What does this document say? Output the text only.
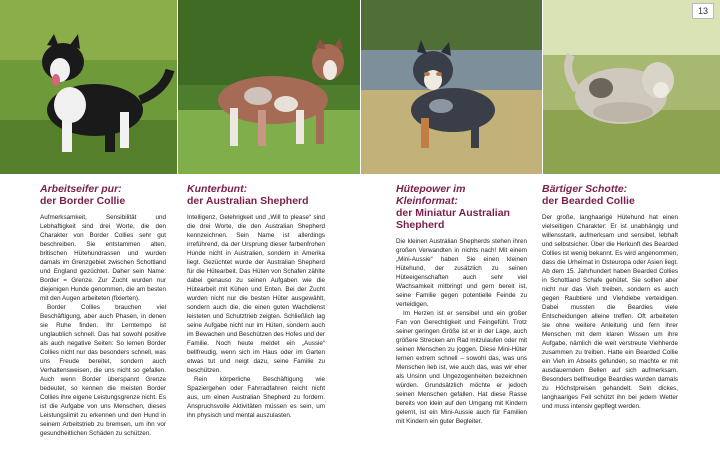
13
Arbeitseifer pur:
der Border Collie

Aufmerksamkeit, Sensibilität und Lebhaftigkeit sind drei Worte, die den Charakter von Border Collies sehr gut beschreiben. Sie entstammen alten, britischen Hütehundrassen und wurden damals im Grenzgebiet zwischen Schottland und England gezüchtet. Daher sein Name: Border = Grenze. Zur Zucht wurden nur diejenigen Hunde genommen, die am besten mit den Augen arbeiteten (fixierten).

Border Collies brauchen viel Beschäftigung, aber auch Phasen, in denen sie Ruhe finden. Ihr Lerntempo ist unglaublich schnell. Das hat sowohl positive als auch negative Seiten: So lernen Border Collies nicht nur das besonders schnell, was uns Freude bereitet, sondern auch Verhaltensweisen, die uns nicht so gefallen. Auch wenn Border überspannt Grenze bedeutet, so kennen die meisten Border Collies ihre eigene Leistungsgrenze nicht. Es ist die Aufgabe von uns Menschen, dieses Leistungslimit zu erkennen und den Hund in seinem Arbeitstrieb zu bremsen, um ihn vor gesundheitlichen Schäden zu schützen.

Kunterbunt:
der Australian Shepherd

Intelligenz, Gelehrigkeit und „Will to please“ sind die drei Worte, die den Australian Shepherd kennzeichnen. Sein Name ist allerdings irreführend, da der Ursprung dieser farbenfrohen Hunde nicht in Australien, sondern in Amerika liegt. Gezüchtet wurde der Australian Shepherd für die Hütearbeit. Das Hüten von Schafen zählte dabei genauso zu seinen Aufgaben wie die Hütearbeit mit Kühen und Enten. Bei der Zucht wurden nicht nur die besten Hüter ausgewählt, sondern auch die, die einen guten Wachdienst leisteten und Schutztrieb zeigten. Schließlich lag seine Aufgabe nicht nur im Hüten, sondern auch im Bewachen und Beschützen des Hofes und der Familie. Noch heute meldet ein „Aussie“ bellfreudig, wenn sich im Haus oder im Garten etwas tut und neigt dazu, seine Familie zu beschützen.

Rein körperliche Beschäftigung wie Spaziergehen oder Fahrradfahren reicht nicht aus, um einen Australian Shepherd zu fordern. Anspruchsvolle Aktivitäten müssen es sein, um ihn physisch und mental auszulasten.

Hütepower im Kleinformat:
der Miniatur Australian Shepherd

Die kleinen Australian Shepherds stehen ihren großen Verwandten in nichts nach! Mit einem „Mini-Aussie“ haben Sie einen kleinen Hütehund, der zusätzlich zu seinen Hüteeigenschaften auch sehr viel Wachsamkeit mitbringt und gern bereit ist, seine Familie gegen potentielle Feinde zu verteidigen.

Im Herzen ist er sensibel und ein großer Fan von Gerechtigkeit und Feingefühl. Trotz seiner geringen Größe ist er in der Lage, auch größere Strecken am Rad mitzulaufen oder mit seinen Menschen zu joggen. Diese Mini-Hüter lernen extrem schnell – sowohl das, was uns Menschen lieb ist, wie auch das, was wir eher als Unsinn und Ungezogenheiten bezeichnen würden. Grundsätzlich möchte er jedoch seinen Menschen gefallen. Hat diese Rasse bereits von klein auf den Umgang mit Kindern gelernt, ist ein Mini-Aussie auch für Familien mit Kindern ein guter Begleiter.

Bärtiger Schotte:
der Bearded Collie

Der große, langhaarige Hütehund hat einen vielseitigen Charakter: Er ist unabhängig und willensstark, aufmerksam und sensibel, lebhaft und selbstsicher. Über die Herkunft des Bearded Collies ist wenig bekannt. Es wird angenommen, dass die Urheimat in Osteuropa oder Asien liegt. Ab dem 15. Jahrhundert haben Bearded Collies in Schottland Schafe gehütet. Sie sollten aber nicht nur das Vieh treiben, sondern es auch gegen Raubtiere und Viehdiebe verteidigen. Dabei mussten die Beardies viele Entscheidungen alleine treffen. Oft arbeiteten sie ohne weitere Anleitung und fern ihrer Menschen mit dem klaren Wissen um ihre Aufgabe, nämlich die weit verstreute Viehherde zusammen zu treiben. Hatte ein Bearded Collie ein Vieh im Abseits gefunden, so machte er mit ausdauerndem Bellen auf sich aufmerksam. Besonders bellfreudige Beardies wurden damals zu Höchstpreisen gehandelt. Sein dickes, langhaariges Fell schützt ihn bei jedem Wetter und muss intensiv gepflegt werden.
